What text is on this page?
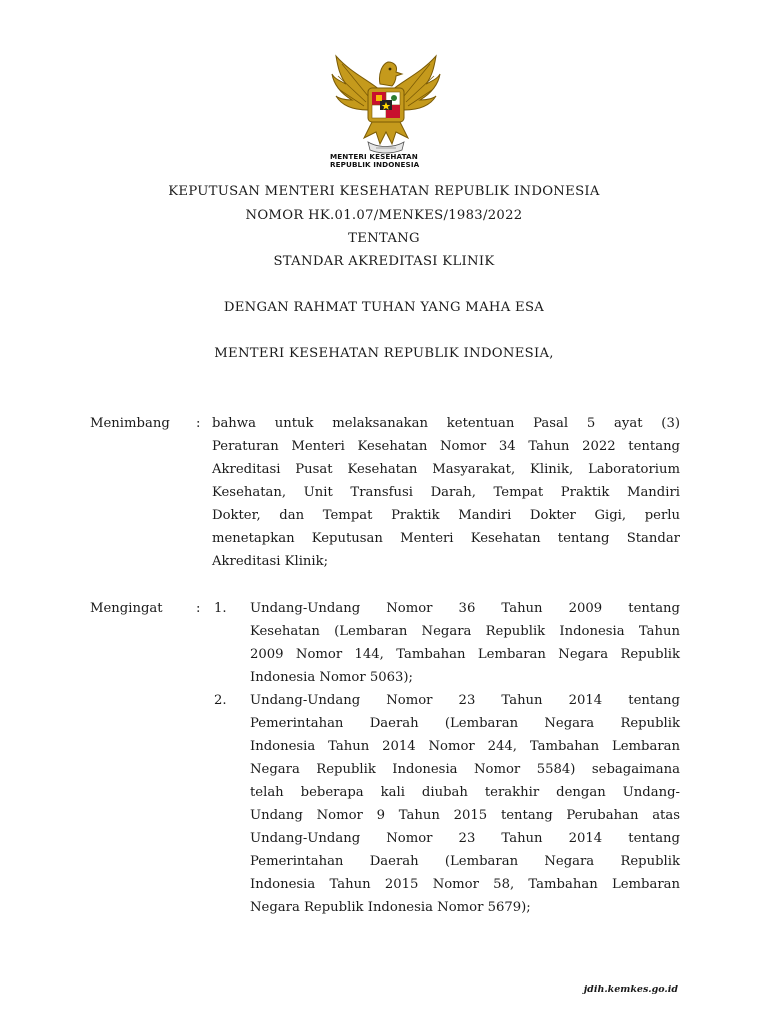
MENTERI KESEHATAN
REPUBLIK INDONESIA
KEPUTUSAN MENTERI KESEHATAN REPUBLIK INDONESIA
NOMOR HK.01.07/MENKES/1983/2022
TENTANG
STANDAR AKREDITASI KLINIK
DENGAN RAHMAT TUHAN YANG MAHA ESA
MENTERI KESEHATAN REPUBLIK INDONESIA,
Menimbang : bahwa untuk melaksanakan ketentuan Pasal 5 ayat (3)
Peraturan Menteri Kesehatan Nomor 34 Tahun 2022 tentang
Akreditasi Pusat Kesehatan Masyarakat, Klinik, Laboratorium
Kesehatan, Unit Transfusi Darah, Tempat Praktik Mandiri
Dokter, dan Tempat Praktik Mandiri Dokter Gigi, perlu
menetapkan Keputusan Menteri Kesehatan tentang Standar
Akreditasi Klinik;
Mengingat	: 1. Undang-Undang Nomor 36 Tahun 2009 tentang
Kesehatan (Lembaran Negara Republik Indonesia Tahun
2009 Nomor 144, Tambahan Lembaran Negara Republik
Indonesia Nomor 5063);
2. Undang-Undang Nomor 23 Tahun 2014 tentang
Pemerintahan Daerah (Lembaran Negara Republik
Indonesia Tahun 2014 Nomor 244, Tambahan Lembaran
Negara Republik Indonesia Nomor 5584) sebagaimana
telah beberapa kali diubah terakhir dengan Undang-
Undang Nomor 9 Tahun 2015 tentang Perubahan atas
Undang-Undang Nomor 23 Tahun 2014 tentang
Pemerintahan Daerah (Lembaran Negara Republik
Indonesia Tahun 2015 Nomor 58, Tambahan Lembaran
Negara Republik Indonesia Nomor 5679);
jdih.kemkes.go.id
